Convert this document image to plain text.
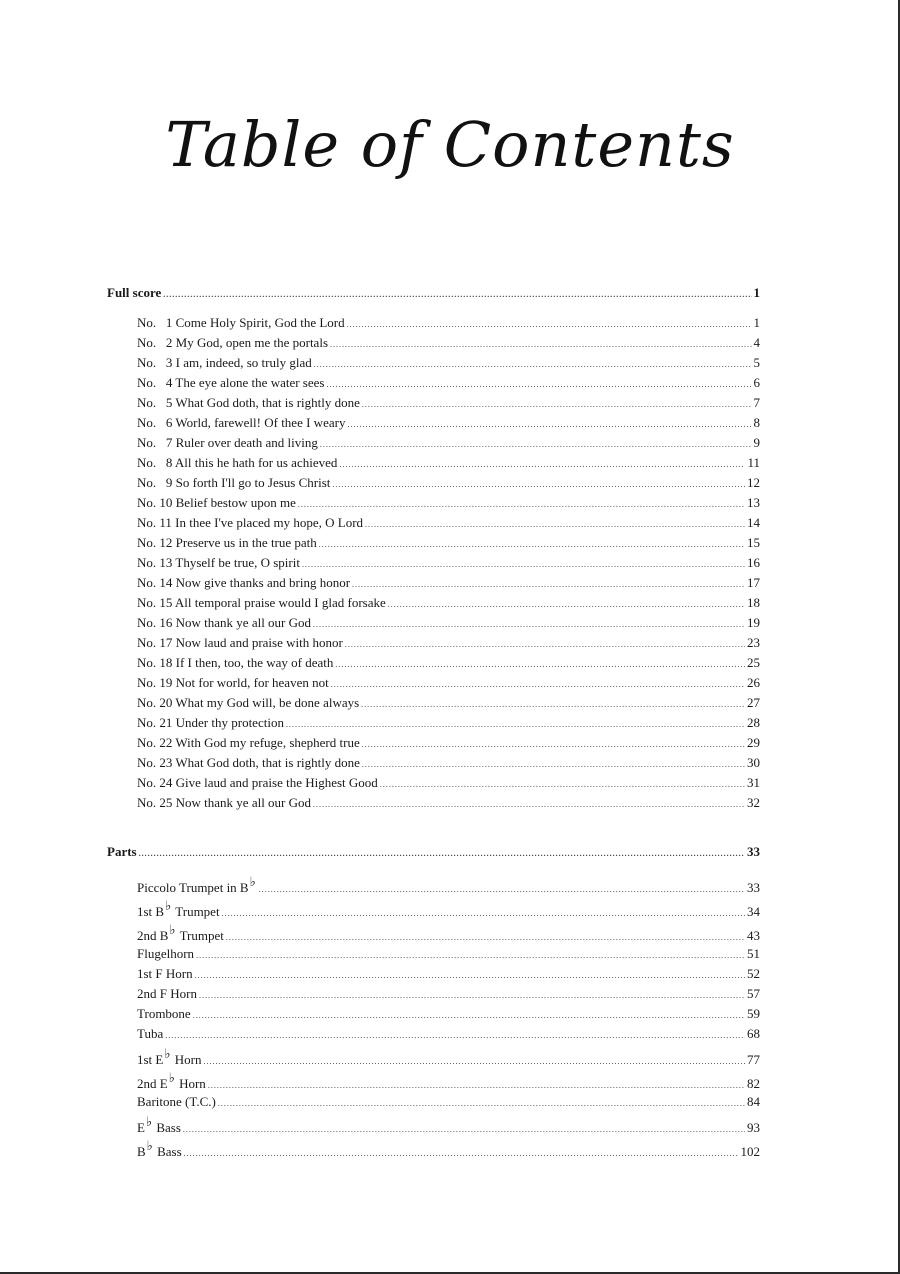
Table of Contents
Full score .....	1
No.   1 Come Holy Spirit, God the Lord .....	1
No.   2 My God, open me the portals .....	4
No.   3 I am, indeed, so truly glad .....	5
No.   4 The eye alone the water sees .....	6
No.   5 What God doth, that is rightly done .....	7
No.   6 World, farewell! Of thee I weary .....	8
No.   7 Ruler over death and living .....	9
No.   8 All this he hath for us achieved .....	11
No.   9 So forth I'll go to Jesus Christ .....	12
No. 10 Belief bestow upon me .....	13
No. 11 In thee I've placed my hope, O Lord .....	14
No. 12 Preserve us in the true path .....	15
No. 13 Thyself be true, O spirit .....	16
No. 14 Now give thanks and bring honor .....	17
No. 15 All temporal praise would I glad forsake .....	18
No. 16 Now thank ye all our God .....	19
No. 17 Now laud and praise with honor .....	23
No. 18 If I then, too, the way of death .....	25
No. 19 Not for world, for heaven not .....	26
No. 20 What my God will, be done always .....	27
No. 21 Under thy protection .....	28
No. 22 With God my refuge, shepherd true .....	29
No. 23 What God doth, that is rightly done .....	30
No. 24 Give laud and praise the Highest Good .....	31
No. 25 Now thank ye all our God .....	32
Parts .....	33
Piccolo Trumpet in B♭ .....	33
1st B♭ Trumpet .....	34
2nd B♭ Trumpet .....	43
Flugelhorn .....	51
1st F Horn .....	52
2nd F Horn .....	57
Trombone .....	59
Tuba .....	68
1st E♭ Horn .....	77
2nd E♭ Horn .....	82
Baritone (T.C.) .....	84
E♭ Bass .....	93
B♭ Bass .....	102
